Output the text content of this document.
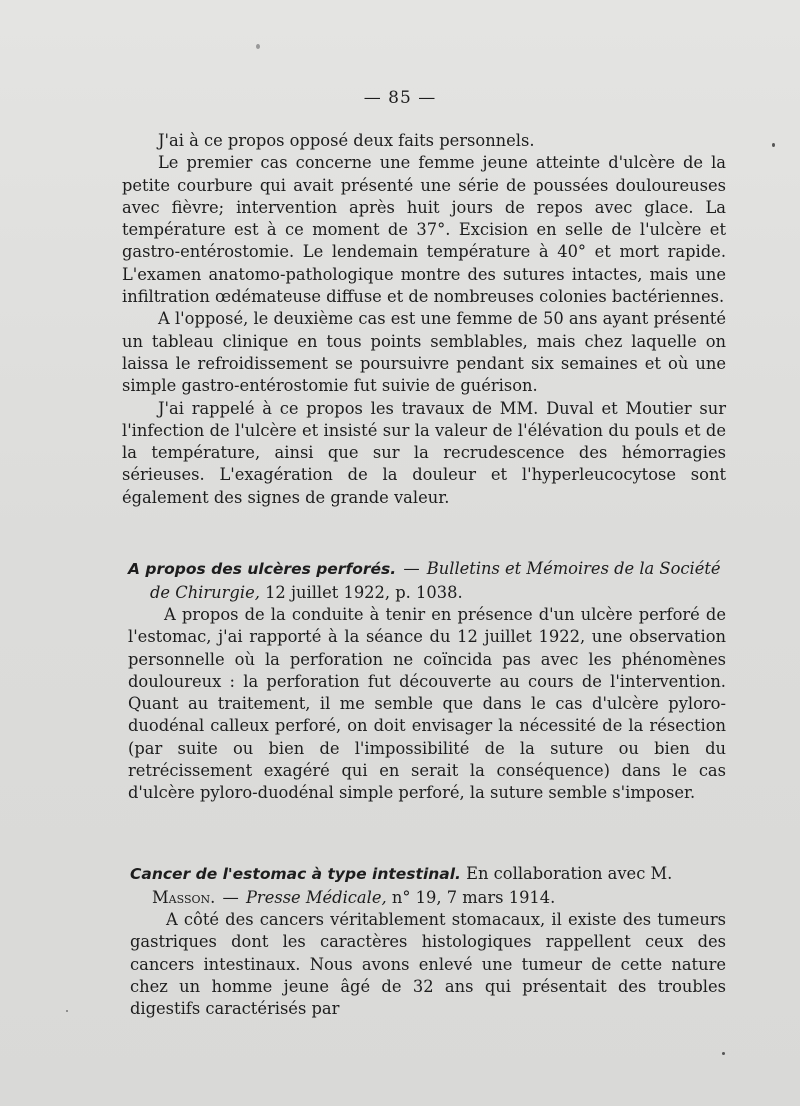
— 85 —

J'ai à ce propos opposé deux faits personnels.

Le premier cas concerne une femme jeune atteinte d'ulcère de la petite courbure qui avait présenté une série de poussées douloureuses avec fièvre; intervention après huit jours de repos avec glace. La température est à ce moment de 37°. Excision en selle de l'ulcère et gastro-entérostomie. Le lendemain température à 40° et mort rapide. L'examen anatomo-pathologique montre des sutures intactes, mais une infiltration œdémateuse diffuse et de nombreuses colonies bactériennes.

A l'opposé, le deuxième cas est une femme de 50 ans ayant présenté un tableau clinique en tous points semblables, mais chez laquelle on laissa le refroidissement se poursuivre pendant six semaines et où une simple gastro-entérostomie fut suivie de guérison.

J'ai rappelé à ce propos les travaux de MM. Duval et Moutier sur l'infection de l'ulcère et insisté sur la valeur de l'élévation du pouls et de la température, ainsi que sur la recrudescence des hémorragies sérieuses. L'exagération de la douleur et l'hyperleucocytose sont également des signes de grande valeur.

A propos des ulcères perforés. — Bulletins et Mémoires de la Société de Chirurgie, 12 juillet 1922, p. 1038.

A propos de la conduite à tenir en présence d'un ulcère perforé de l'estomac, j'ai rapporté à la séance du 12 juillet 1922, une observation personnelle où la perforation ne coïncida pas avec les phénomènes douloureux : la perforation fut découverte au cours de l'intervention. Quant au traitement, il me semble que dans le cas d'ulcère pyloro-duodénal calleux perforé, on doit envisager la nécessité de la résection (par suite ou bien de l'impossibilité de la suture ou bien du retrécissement exagéré qui en serait la conséquence) dans le cas d'ulcère pyloro-duodénal simple perforé, la suture semble s'imposer.

Cancer de l'estomac à type intestinal. En collaboration avec M. Masson. — Presse Médicale, n° 19, 7 mars 1914.

A côté des cancers véritablement stomacaux, il existe des tumeurs gastriques dont les caractères histologiques rappellent ceux des cancers intestinaux. Nous avons enlevé une tumeur de cette nature chez un homme jeune âgé de 32 ans qui présentait des troubles digestifs caractérisés par
